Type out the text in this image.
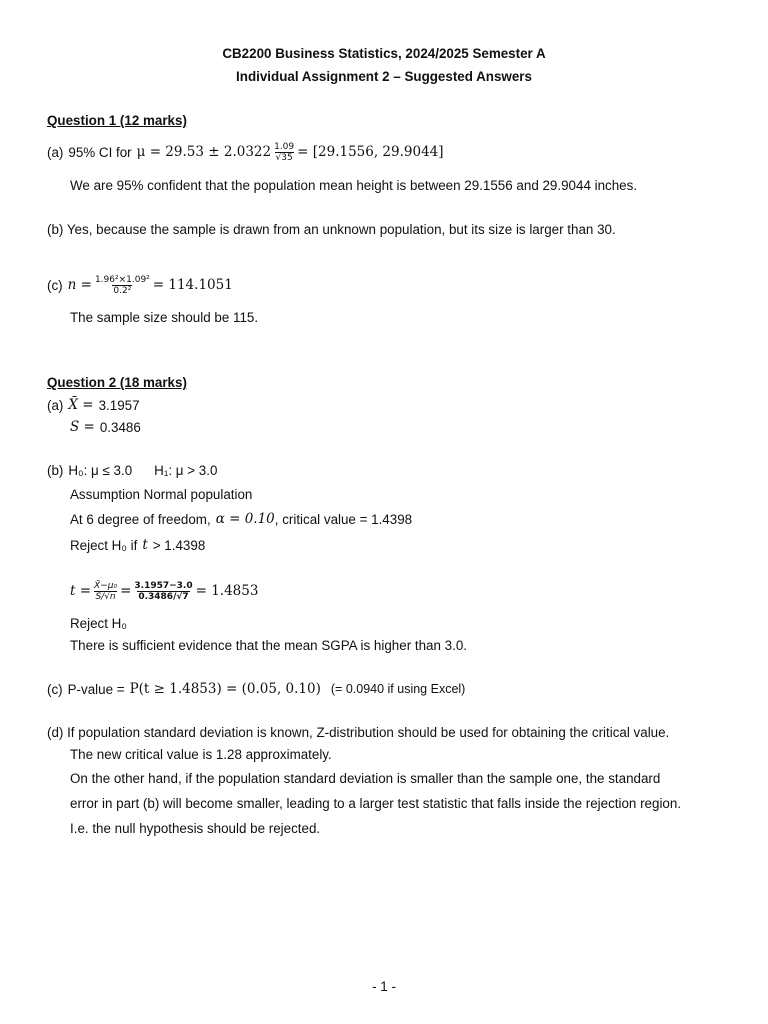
CB2200 Business Statistics, 2024/2025 Semester A
Individual Assignment 2 – Suggested Answers
Question 1 (12 marks)
(a) 95% CI for $\mu = 29.53 \pm 2.0322 \frac{1.09}{√35} = [29.1556$, 29.9044]
We are 95% confident that the population mean height is between 29.1556 and 29.9044 inches.
(b) Yes, because the sample is drawn from an unknown population, but its size is larger than 30.
(c) $n = \frac{\text{1.96²×1.09²}}{\text{0.2²}} = 114.1051$
The sample size should be 115.
Question 2 (18 marks)
(a) X̄ = 3.1957
S = 0.3486
(b) H₀: μ ≤ 3.0 H₁: μ > 3.0
Assumption Normal population
At 6 degree of freedom, α = 0.10 , critical value = 1.4398
Reject H₀ if t > 1.4398
$t = \frac{\text{X̄−μ₀}}{S/√n} = \frac{3.1957-3.0}{0.3486/√7} = 1.4853$
Reject H₀
There is sufficient evidence that the mean SGPA is higher than 3.0.
(c) P-value = P(t ≥ 1.4853) = (0.05, 0.10) (= 0.0940 if using Excel)
(d) If population standard deviation is known, Z-distribution should be used for obtaining the critical value.
The new critical value is 1.28 approximately.
On the other hand, if the population standard deviation is smaller than the sample one, the standard
error in part (b) will become smaller, leading to a larger test statistic that falls inside the rejection region.
I.e. the null hypothesis should be rejected.
- 1 -
